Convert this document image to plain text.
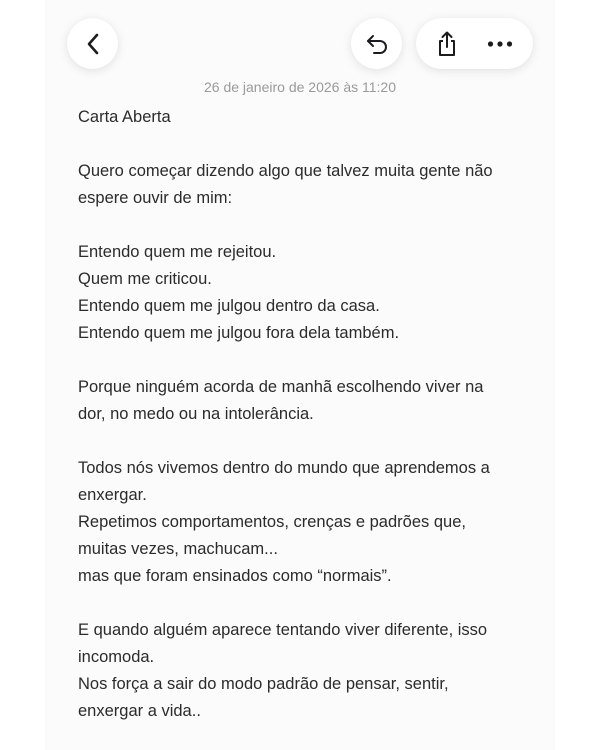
26 de janeiro de 2026 às 11:20
Carta Aberta
Quero começar dizendo algo que talvez muita gente não
espere ouvir de mim:
Entendo quem me rejeitou.
Quem me criticou.
Entendo quem me julgou dentro da casa.
Entendo quem me julgou fora dela também.
Porque ninguém acorda de manhã escolhendo viver na
dor, no medo ou na intolerância.
Todos nós vivemos dentro do mundo que aprendemos a
enxergar.
Repetimos comportamentos, crenças e padrões que,
muitas vezes, machucam...
mas que foram ensinados como “normais”.
E quando alguém aparece tentando viver diferente, isso
incomoda.
Nos força a sair do modo padrão de pensar, sentir,
enxergar a vida..
